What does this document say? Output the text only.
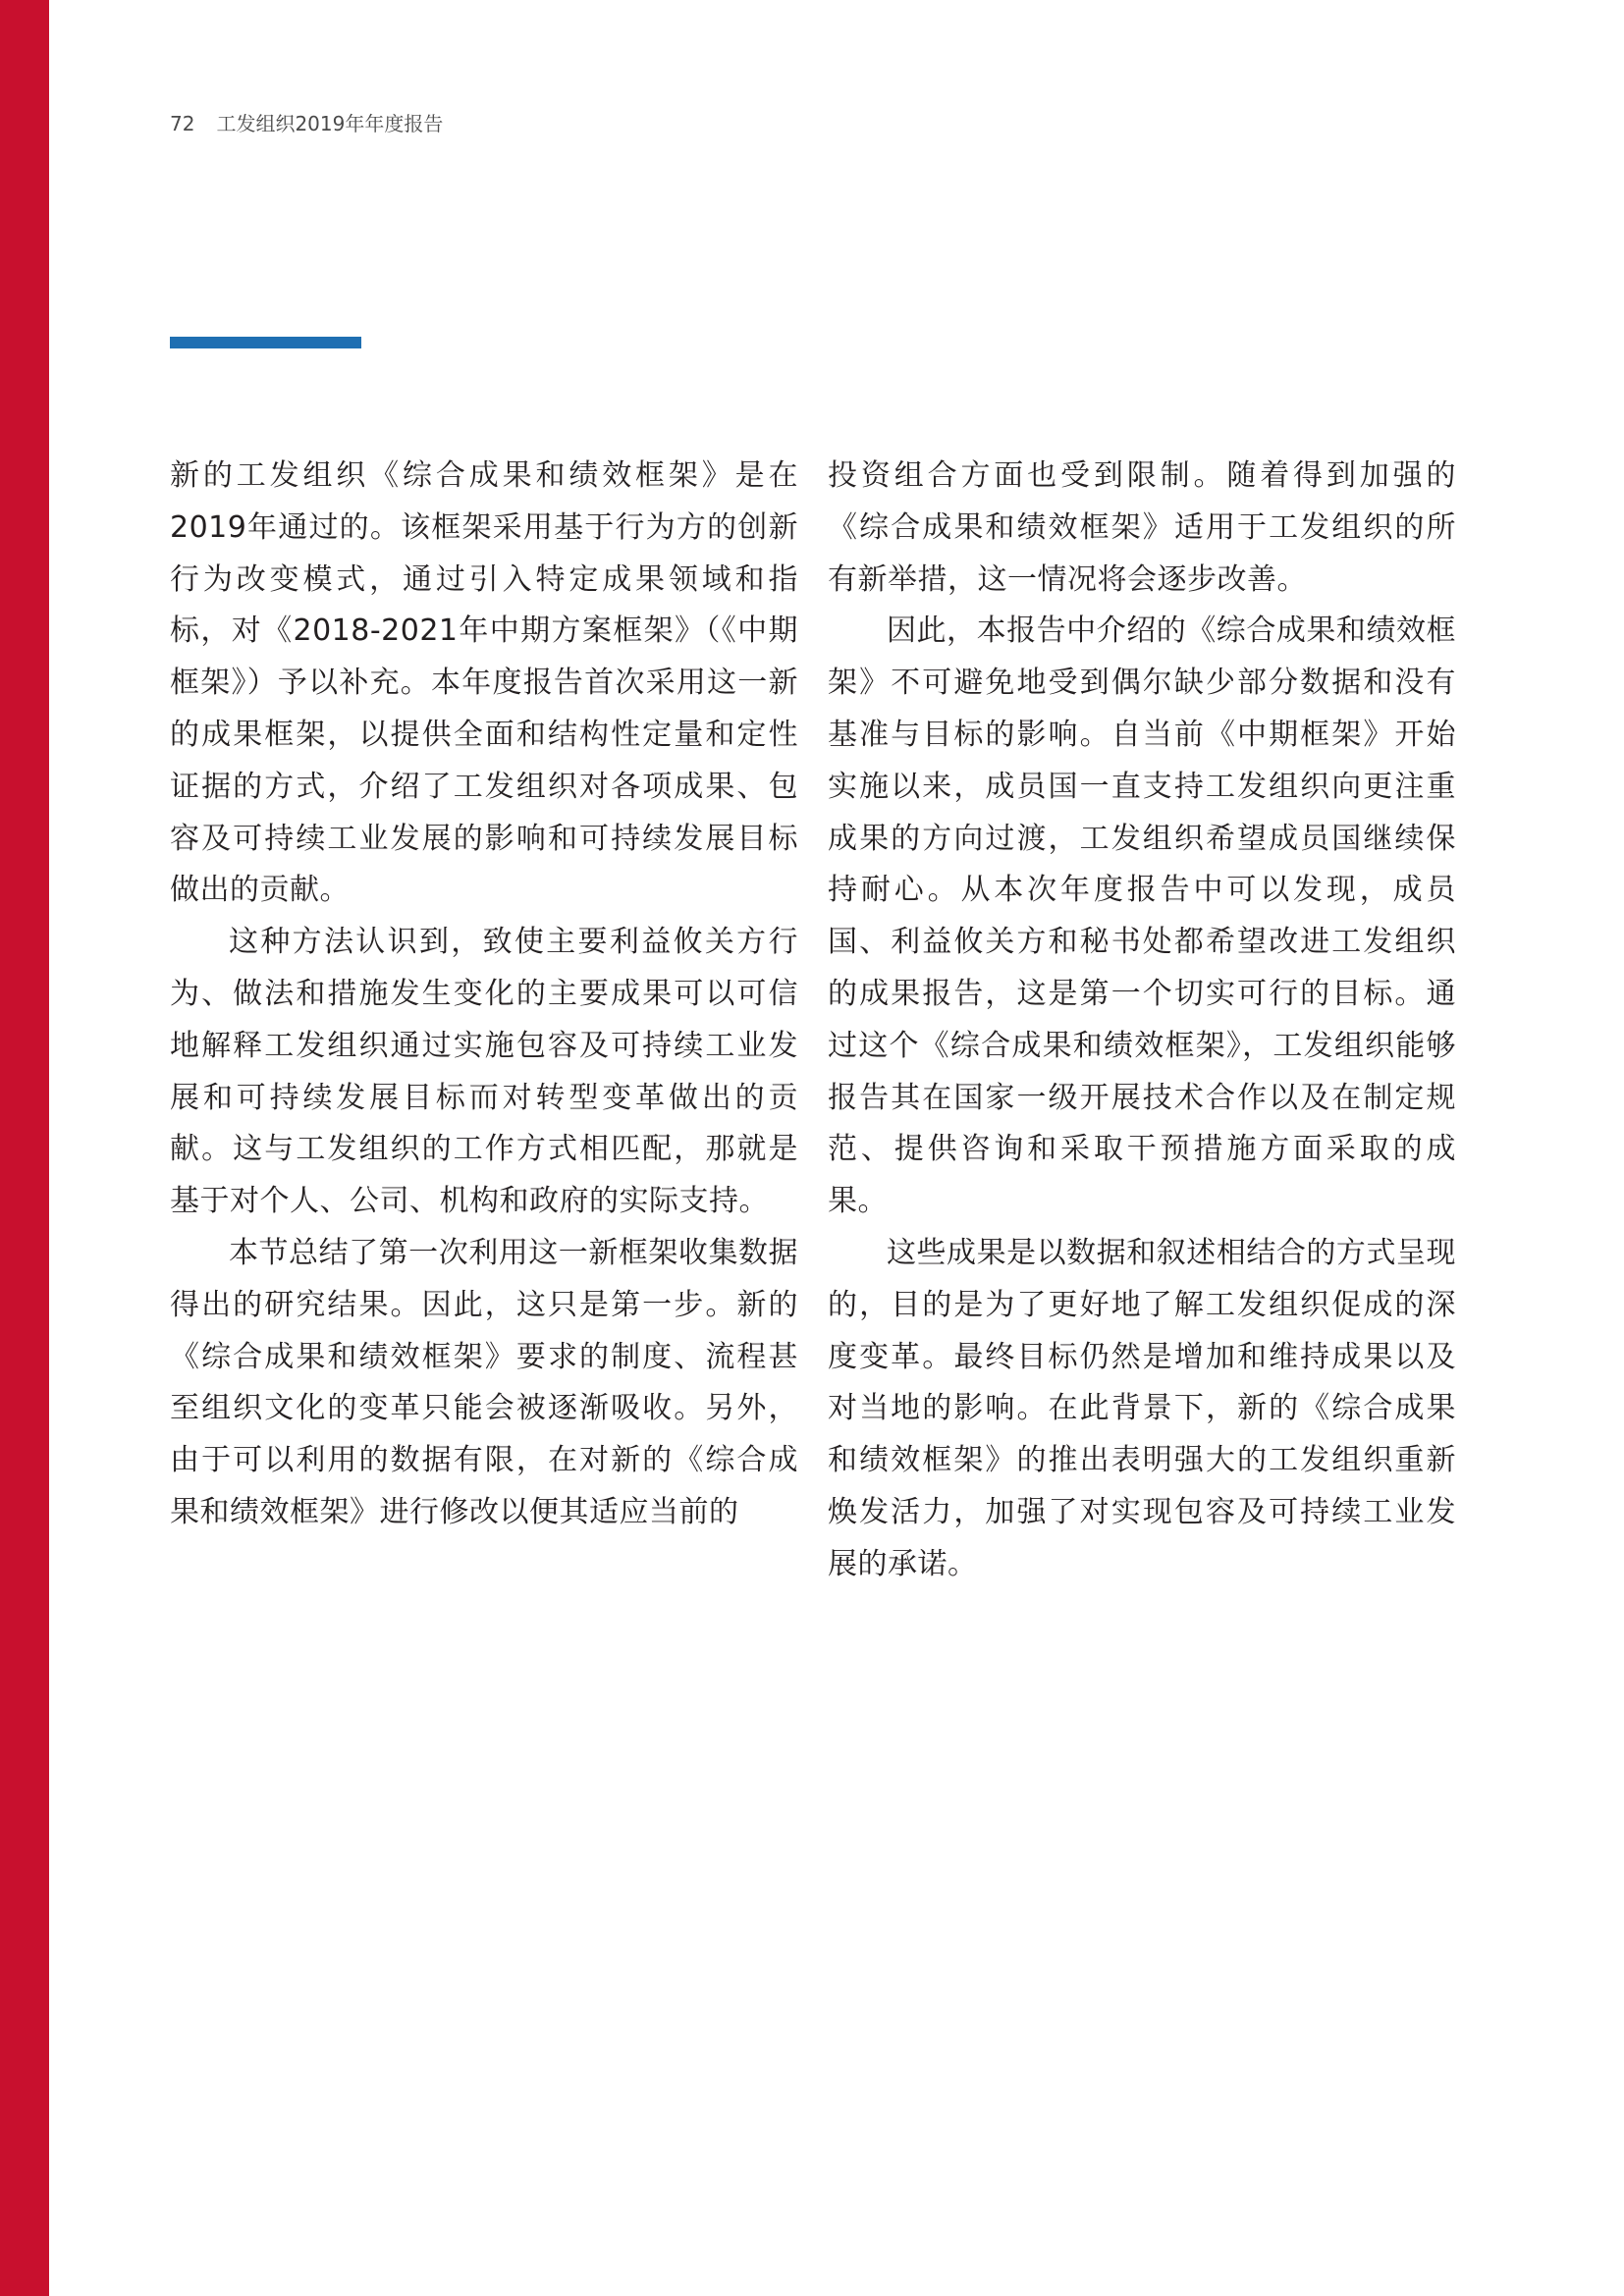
72 工发组织2019年年度报告

新的工发组织《综合成果和绩效框架》是在2019年通过的。该框架采用基于行为方的创新行为改变模式，通过引入特定成果领域和指标，对《2018-2021年中期方案框架》（《中期框架》）予以补充。本年度报告首次采用这一新的成果框架，以提供全面和结构性定量和定性证据的方式，介绍了工发组织对各项成果、包容及可持续工业发展的影响和可持续发展目标做出的贡献。

这种方法认识到，致使主要利益攸关方行为、做法和措施发生变化的主要成果可以可信地解释工发组织通过实施包容及可持续工业发展和可持续发展目标而对转型变革做出的贡献。这与工发组织的工作方式相匹配，那就是基于对个人、公司、机构和政府的实际支持。

本节总结了第一次利用这一新框架收集数据得出的研究结果。因此，这只是第一步。新的《综合成果和绩效框架》要求的制度、流程甚至组织文化的变革只能会被逐渐吸收。另外，由于可以利用的数据有限，在对新的《综合成果和绩效框架》进行修改以便其适应当前的

投资组合方面也受到限制。随着得到加强的《综合成果和绩效框架》适用于工发组织的所有新举措，这一情况将会逐步改善。

因此，本报告中介绍的《综合成果和绩效框架》不可避免地受到偶尔缺少部分数据和没有基准与目标的影响。自当前《中期框架》开始实施以来，成员国一直支持工发组织向更注重成果的方向过渡，工发组织希望成员国继续保持耐心。从本次年度报告中可以发现，成员国、利益攸关方和秘书处都希望改进工发组织的成果报告，这是第一个切实可行的目标。通过这个《综合成果和绩效框架》，工发组织能够报告其在国家一级开展技术合作以及在制定规范、提供咨询和采取干预措施方面采取的成果。

这些成果是以数据和叙述相结合的方式呈现的，目的是为了更好地了解工发组织促成的深度变革。最终目标仍然是增加和维持成果以及对当地的影响。在此背景下，新的《综合成果和绩效框架》的推出表明强大的工发组织重新焕发活力，加强了对实现包容及可持续工业发展的承诺。
